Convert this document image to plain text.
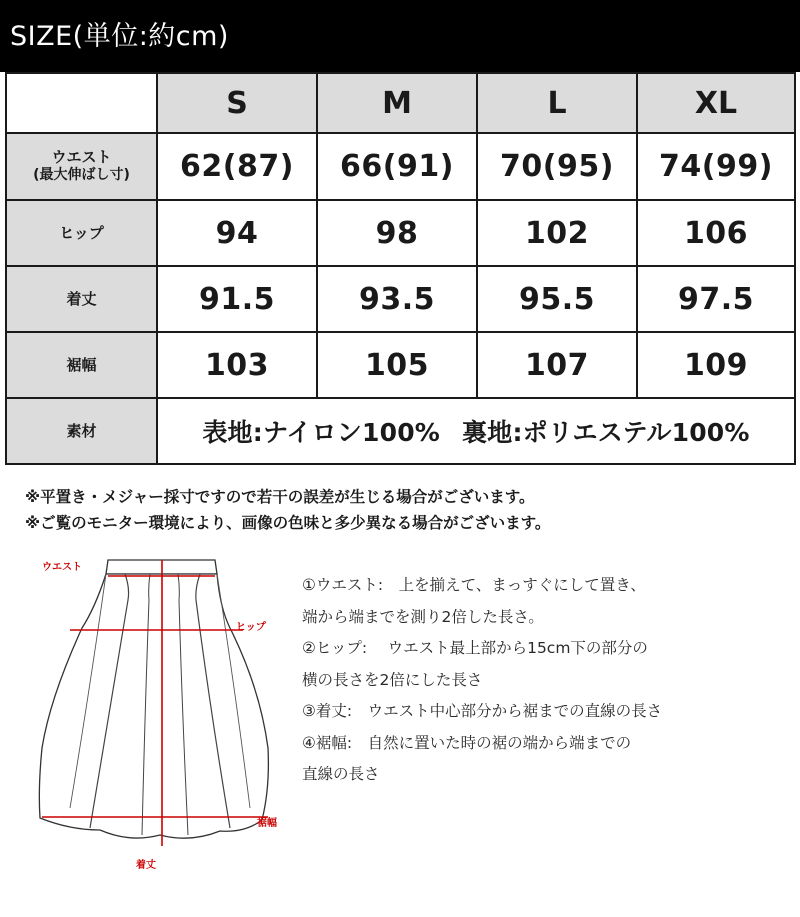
SIZE(単位:約cm)
	S	M	L	XL

ウエスト
(最大伸ばし寸)	62(87)	66(91)	70(95)	74(99)
ヒップ	94	98	102	106
着丈	91.5	93.5	95.5	97.5
裾幅	103	105	107	109
素材	表地:ナイロン100% 裏地:ポリエステル100%			
※平置き・メジャー採寸ですので若干の誤差が生じる場合がございます。
※ご覧のモニター環境により、画像の色味と多少異なる場合がございます。
ウエスト
ヒップ
裾幅
着丈
①ウエスト:　上を揃えて、まっすぐにして置き、
端から端までを測り2倍した長さ。
②ヒップ:　 ウエスト最上部から15cm下の部分の
横の長さを2倍にした長さ
③着丈:　ウエスト中心部分から裾までの直線の長さ
④裾幅:　自然に置いた時の裾の端から端までの
直線の長さ
